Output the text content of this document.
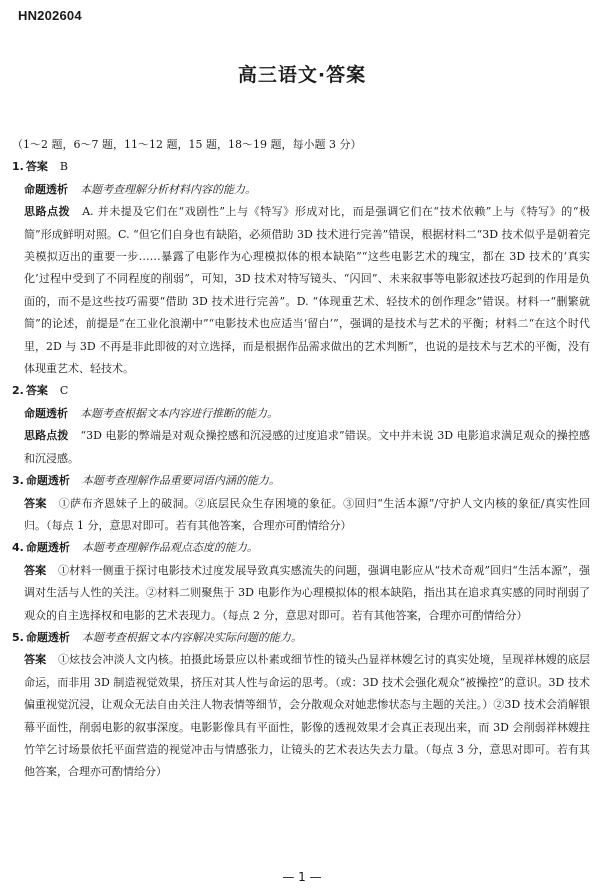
HN202604
高三语文·答案

（1～2 题，6～7 题，11～12 题，15 题，18～19 题，每小题 3 分）

1. 答案 B

命题透析 本题考查理解分析材料内容的能力。

思路点拨 A. 并未提及它们在“戏剧性”上与《特写》形成对比，而是强调它们在“技术依赖”上与《特写》的“极简”形成鲜明对照。C. “但它们自身也有缺陷，必须借助 3D 技术进行完善”错误，根据材料二“3D 技术似乎是朝着完美模拟迈出的重要一步……暴露了电影作为心理模拟体的根本缺陷”“这些电影艺术的瑰宝，都在 3D 技术的‘真实化’过程中受到了不同程度的削弱”，可知，3D 技术对特写镜头、“闪回”、未来叙事等电影叙述技巧起到的作用是负面的，而不是这些技巧需要“借助 3D 技术进行完善”。D. “体现重艺术、轻技术的创作理念”错误。材料一“删繁就简”的论述，前提是“在工业化浪潮中”“电影技术也应适当‘留白’”，强调的是技术与艺术的平衡；材料二“在这个时代里，2D 与 3D 不再是非此即彼的对立选择，而是根据作品需求做出的艺术判断”，也说的是技术与艺术的平衡，没有体现重艺术、轻技术。

2. 答案 C

命题透析 本题考查根据文本内容进行推断的能力。

思路点拨 “3D 电影的弊端是对观众操控感和沉浸感的过度追求”错误。文中并未说 3D 电影追求满足观众的操控感和沉浸感。

3. 命题透析 本题考查理解作品重要词语内涵的能力。

答案 ①萨布齐恩妹子上的破洞。②底层民众生存困境的象征。③回归“生活本源”/守护人文内核的象征/真实性回归。（每点 1 分，意思对即可。若有其他答案，合理亦可酌情给分）

4. 命题透析 本题考查理解作品观点态度的能力。

答案 ①材料一侧重于探讨电影技术过度发展导致真实感流失的问题，强调电影应从“技术奇观”回归“生活本源”，强调对生活与人性的关注。②材料二则聚焦于 3D 电影作为心理模拟体的根本缺陷，指出其在追求真实感的同时削弱了观众的自主选择权和电影的艺术表现力。（每点 2 分，意思对即可。若有其他答案，合理亦可酌情给分）

5. 命题透析 本题考查根据文本内容解决实际问题的能力。

答案 ①炫技会冲淡人文内核。拍摄此场景应以朴素或细节性的镜头凸显祥林嫂乞讨的真实处境，呈现祥林嫂的底层命运，而非用 3D 制造视觉效果，挤压对其人性与命运的思考。（或：3D 技术会强化观众“被操控”的意识。3D 技术偏重视觉沉浸，让观众无法自由关注人物表情等细节，会分散观众对她悲惨状态与主题的关注。）②3D 技术会消解银幕平面性，削弱电影的叙事深度。电影影像具有平面性，影像的透视效果才会真正表现出来，而 3D 会削弱祥林嫂拄竹竿乞讨场景依托平面营造的视觉冲击与情感张力，让镜头的艺术表达失去力量。（每点 3 分，意思对即可。若有其他答案，合理亦可酌情给分）

— 1 —
